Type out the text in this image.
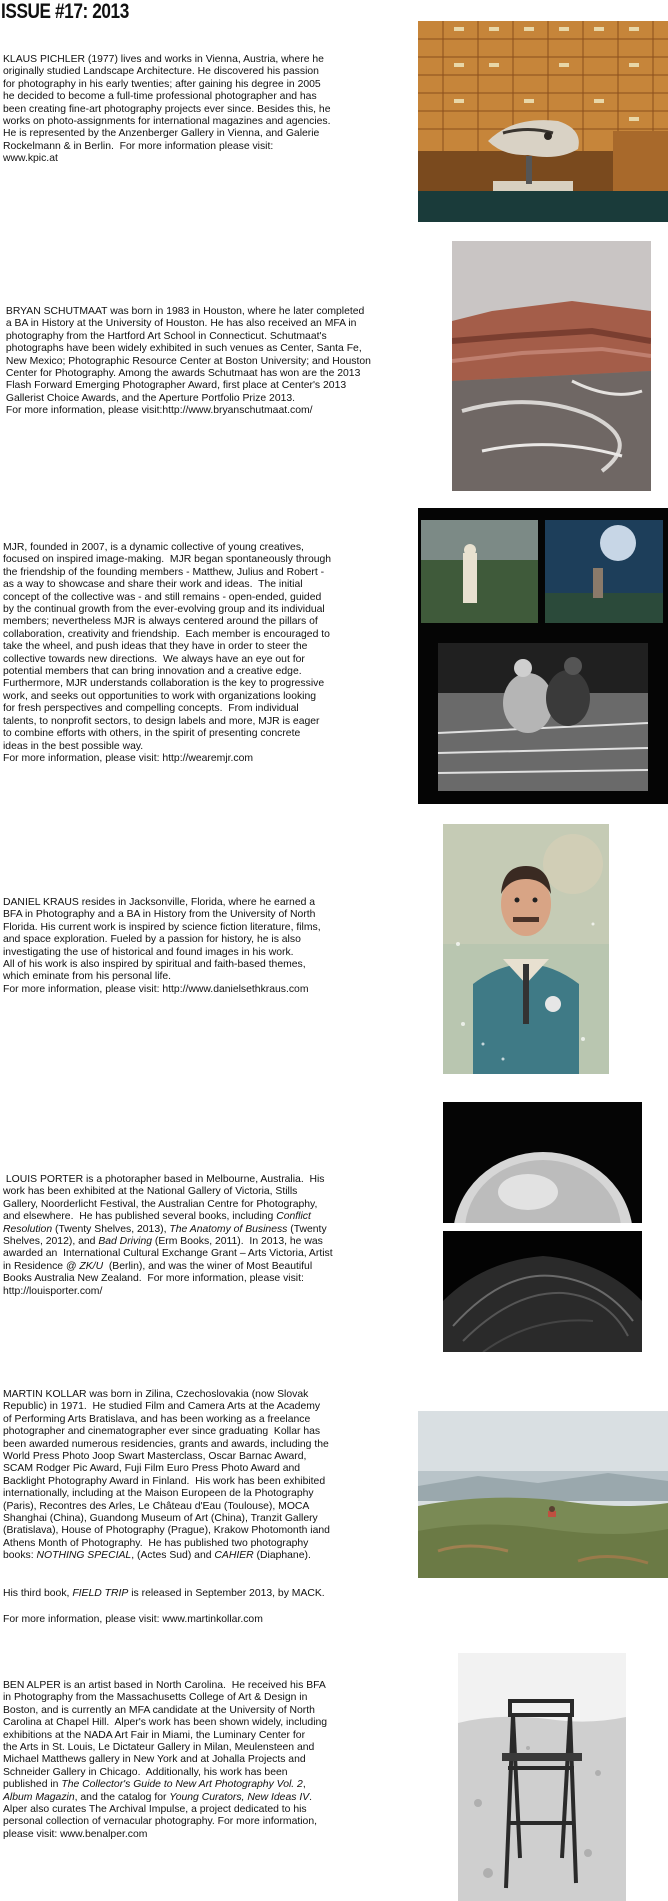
ISSUE #17: 2013
KLAUS PICHLER (1977) lives and works in Vienna, Austria, where he
originally studied Landscape Architecture. He discovered his passion
for photography in his early twenties; after gaining his degree in 2005
he decided to become a full-time professional photographer and has
been creating fine-art photography projects ever since. Besides this, he
works on photo-assignments for international magazines and agencies.
He is represented by the Anzenberger Gallery in Vienna, and Galerie
Rockelmann & in Berlin.  For more information please visit:
www.kpic.at
BRYAN SCHUTMAAT was born in 1983 in Houston, where he later completed
a BA in History at the University of Houston. He has also received an MFA in
photography from the Hartford Art School in Connecticut. Schutmaat's
photographs have been widely exhibited in such venues as Center, Santa Fe,
New Mexico; Photographic Resource Center at Boston University; and Houston
Center for Photography. Among the awards Schutmaat has won are the 2013
Flash Forward Emerging Photographer Award, first place at Center's 2013
Gallerist Choice Awards, and the Aperture Portfolio Prize 2013.
For more information, please visit:http://www.bryanschutmaat.com/
MJR, founded in 2007, is a dynamic collective of young creatives,
focused on inspired image-making.  MJR began spontaneously through
the friendship of the founding members - Matthew, Julius and Robert -
as a way to showcase and share their work and ideas.  The initial
concept of the collective was - and still remains - open-ended, guided
by the continual growth from the ever-evolving group and its individual
members; nevertheless MJR is always centered around the pillars of
collaboration, creativity and friendship.  Each member is encouraged to
take the wheel, and push ideas that they have in order to steer the
collective towards new directions.  We always have an eye out for
potential members that can bring innovation and a creative edge.
Furthermore, MJR understands collaboration is the key to progressive
work, and seeks out opportunities to work with organizations looking
for fresh perspectives and compelling concepts.  From individual
talents, to nonprofit sectors, to design labels and more, MJR is eager
to combine efforts with others, in the spirit of presenting concrete
ideas in the best possible way.
For more information, please visit: http://wearemjr.com
DANIEL KRAUS resides in Jacksonville, Florida, where he earned a
BFA in Photography and a BA in History from the University of North
Florida. His current work is inspired by science fiction literature, films,
and space exploration. Fueled by a passion for history, he is also
investigating the use of historical and found images in his work.
All of his work is also inspired by spiritual and faith-based themes,
which eminate from his personal life.
For more information, please visit: http://www.danielsethkraus.com
LOUIS PORTER is a photorapher based in Melbourne, Australia.  His
work has been exhibited at the National Gallery of Victoria, Stills
Gallery, Noorderlicht Festival, the Australian Centre for Photography,
and elsewhere.  He has published several books, including Conflict
Resolution (Twenty Shelves, 2013), The Anatomy of Business (Twenty
Shelves, 2012), and Bad Driving (Erm Books, 2011).  In 2013, he was
awarded an  International Cultural Exchange Grant – Arts Victoria, Artist
in Residence @ ZK/U  (Berlin), and was the winer of Most Beautiful
Books Australia New Zealand.  For more information, please visit:
http://louisporter.com/
MARTIN KOLLAR was born in Zilina, Czechoslovakia (now Slovak
Republic) in 1971.  He studied Film and Camera Arts at the Academy
of Performing Arts Bratislava, and has been working as a freelance
photographer and cinematographer ever since graduating  Kollar has
been awarded numerous residencies, grants and awards, including the
World Press Photo Joop Swart Masterclass, Oscar Barnac Award,
SCAM Rodger Pic Award, Fuji Film Euro Press Photo Award and
Backlight Photography Award in Finland.  His work has been exhibited
internationally, including at the Maison Europeen de la Photography
(Paris), Recontres des Arles, Le Château d'Eau (Toulouse), MOCA
Shanghai (China), Guandong Museum of Art (China), Tranzit Gallery
(Bratislava), House of Photography (Prague), Krakow Photomonth iand
Athens Month of Photography.  He has published two photography
books: NOTHING SPECIAL, (Actes Sud) and CAHIER (Diaphane).
His third book, FIELD TRIP is released in September 2013, by MACK.
For more information, please visit: www.martinkollar.com
BEN ALPER is an artist based in North Carolina.  He received his BFA
in Photography from the Massachusetts College of Art & Design in
Boston, and is currently an MFA candidate at the University of North
Carolina at Chapel Hill.  Alper's work has been shown widely, including
exhibitions at the NADA Art Fair in Miami, the Luminary Center for
the Arts in St. Louis, Le Dictateur Gallery in Milan, Meulensteen and
Michael Matthews gallery in New York and at Johalla Projects and
Schneider Gallery in Chicago.  Additionally, his work has been
published in The Collector's Guide to New Art Photography Vol. 2,
Album Magazin, and the catalog for Young Curators, New Ideas IV.
Alper also curates The Archival Impulse, a project dedicated to his
personal collection of vernacular photography. For more information,
please visit: www.benalper.com
